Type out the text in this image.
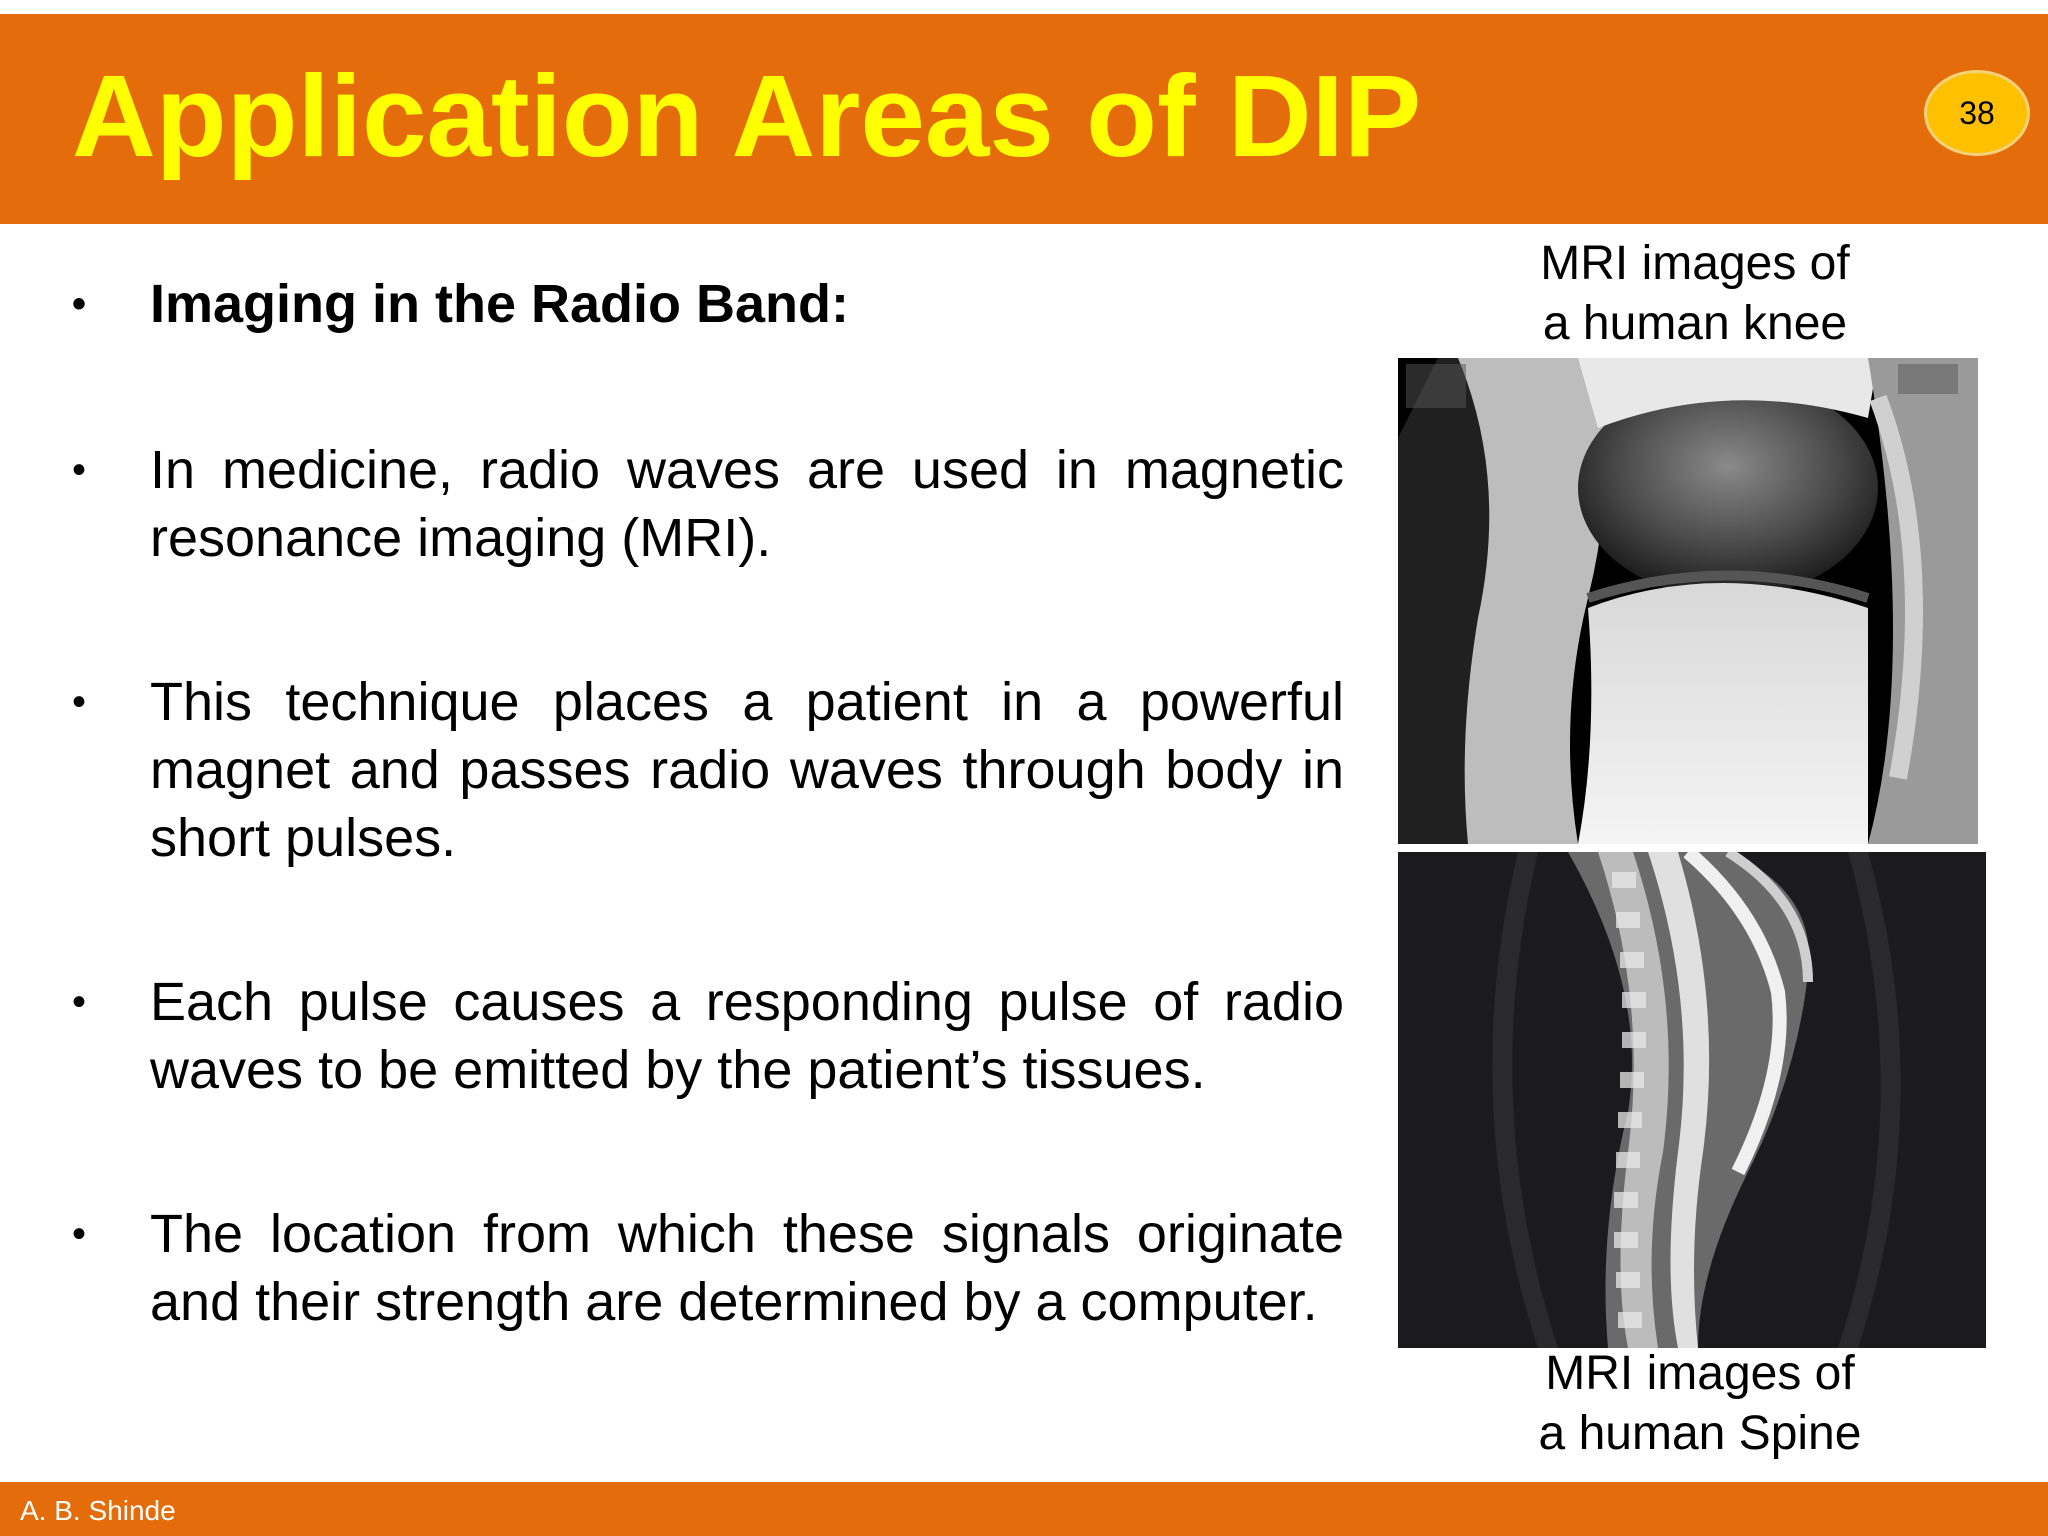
Application Areas of DIP	38
•	Imaging in the Radio Band:
•	In medicine, radio waves are used in magnetic resonance imaging (MRI).
•	This technique places a patient in a powerful magnet and passes radio waves through body in short pulses.
•	Each pulse causes a responding pulse of radio waves to be emitted by the patient’s tissues.
•	The location from which these signals originate and their strength are determined by a computer.
MRI images of
a human knee
MRI images of
a human Spine
A. B. Shinde
